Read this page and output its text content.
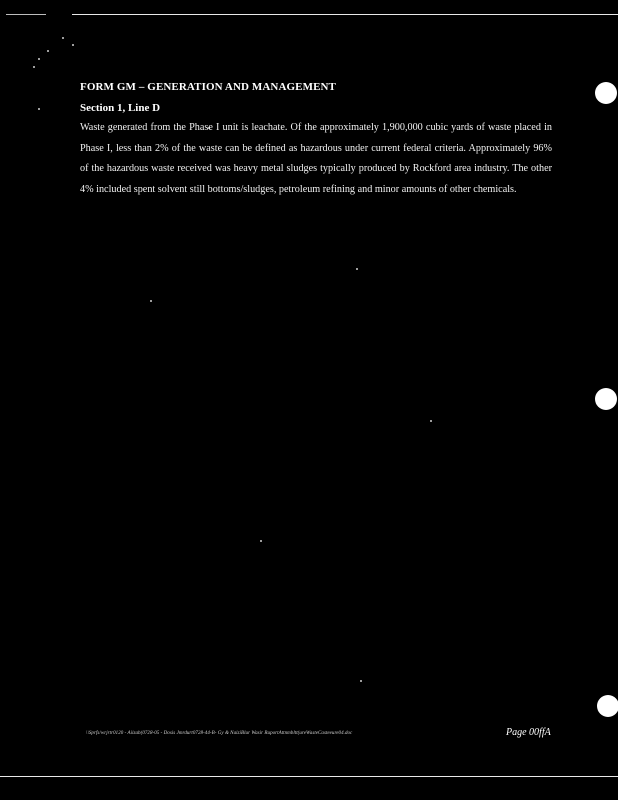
FORM GM – GENERATION AND MANAGEMENT
Section 1, Line D

Waste generated from the Phase I unit is leachate. Of the approximately 1,900,000 cubic yards of waste placed in Phase I, less than 2% of the waste can be defined as hazardous under current federal criteria. Approximately 96% of the hazardous waste received was heavy metal sludges typically produced by Rockford area industry. The other 4% included spent solvent still bottoms/sludges, petroleum refining and minor amounts of other chemicals.

\\Sprfs/wrjrtr0120 - Aiizab(0728-05 - Dosis Jmrdurt0728-44-B- Gy & NaiziBlur Wasir RuportAttnmbltt(ureWasteCasteeure04.doc	Page 00ffA
